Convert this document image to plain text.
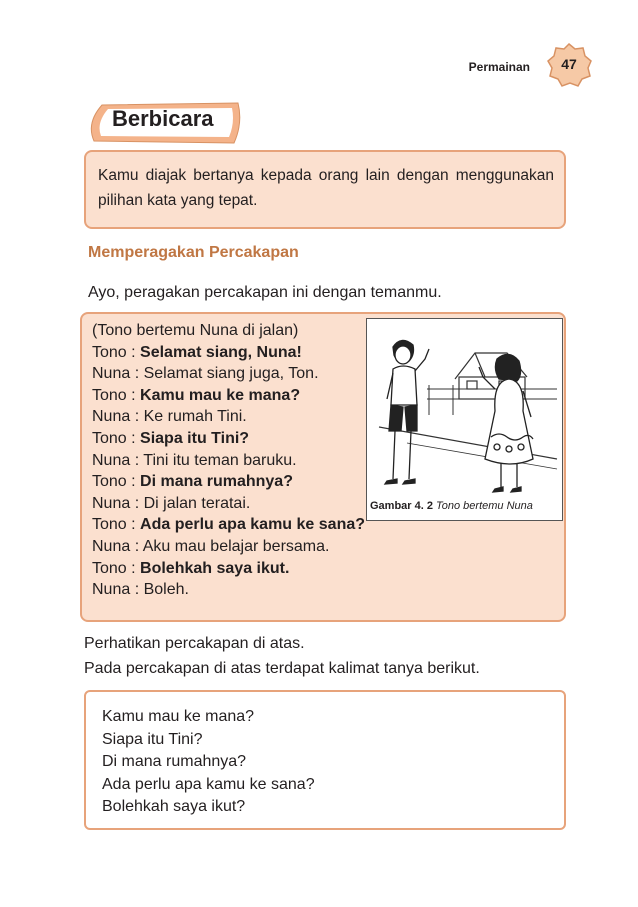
Permainan	47
Berbicara
Kamu diajak bertanya kepada orang lain dengan menggunakan pilihan kata yang tepat.
Memperagakan Percakapan
Ayo, peragakan percakapan ini dengan temanmu.
(Tono bertemu Nuna di jalan)
Tono : Selamat siang, Nuna!
Nuna : Selamat siang juga, Ton.
Tono : Kamu mau ke mana?
Nuna : Ke rumah Tini.
Tono : Siapa itu Tini?
Nuna : Tini itu teman baruku.
Tono : Di mana rumahnya?
Nuna : Di jalan teratai.
Tono : Ada perlu apa kamu ke sana?
Nuna : Aku mau belajar bersama.
Tono : Bolehkah saya ikut.
Nuna : Boleh.
Gambar 4. 2 Tono bertemu Nuna
Perhatikan percakapan di atas.
Pada percakapan di atas terdapat kalimat tanya berikut.
Kamu mau ke mana?
Siapa itu Tini?
Di mana rumahnya?
Ada perlu apa kamu ke sana?
Bolehkah saya ikut?
